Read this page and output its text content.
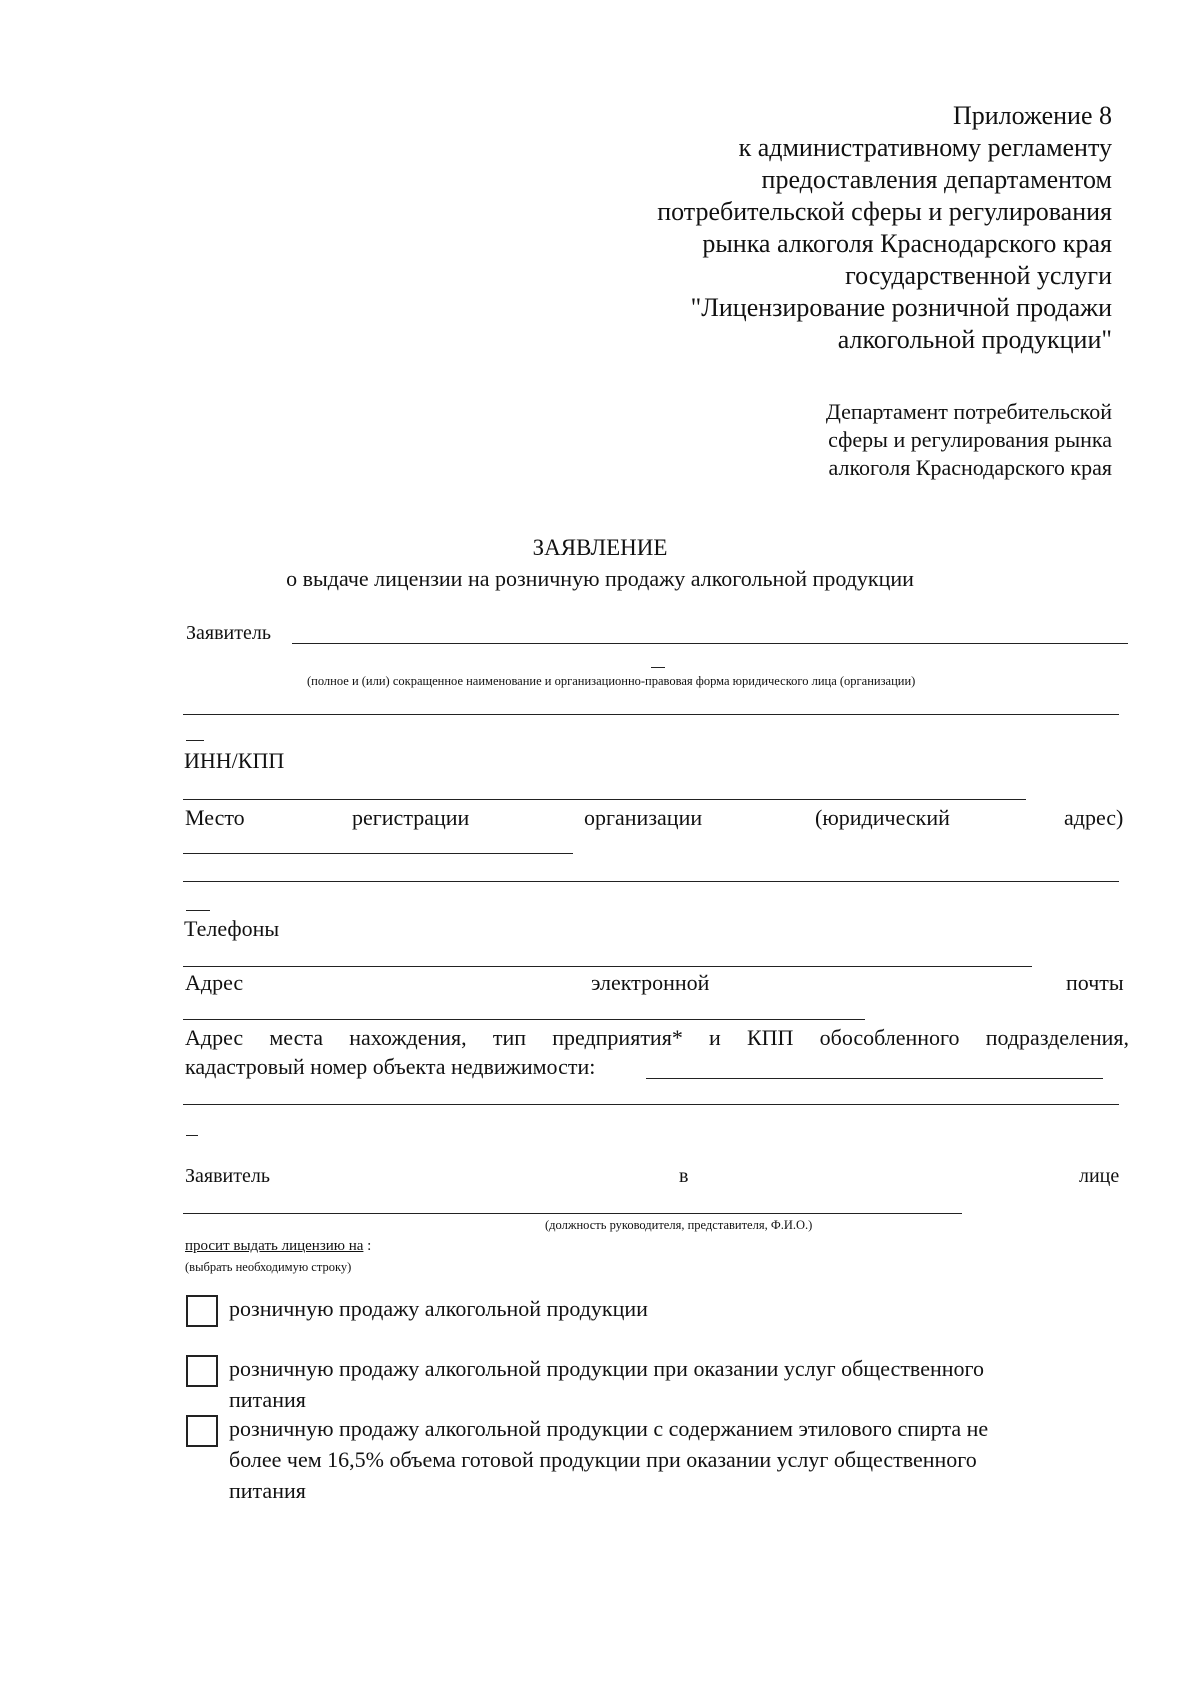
Приложение 8
к административному регламенту
предоставления департаментом
потребительской сферы и регулирования
рынка алкоголя Краснодарского края
государственной услуги
"Лицензирование розничной продажи
алкогольной продукции"
Департамент потребительской
сферы и регулирования рынка
алкоголя Краснодарского края
ЗАЯВЛЕНИЕ
о выдаче лицензии на розничную продажу алкогольной продукции
Заявитель
(полное и (или) сокращенное наименование и организационно-правовая форма юридического лица (организации)
ИНН/КПП
Место	регистрации	организации	(юридический	адрес)
Телефоны
Адрес	электронной	почты
Адрес места нахождения, тип предприятия* и КПП обособленного подразделения,
кадастровый номер объекта недвижимости:
Заявитель	в	лице
(должность руководителя, представителя, Ф.И.О.)
просит выдать лицензию на :
(выбрать необходимую строку)
розничную продажу алкогольной продукции
розничную продажу алкогольной продукции при оказании услуг общественного
питания
розничную продажу алкогольной продукции с содержанием этилового спирта не
более чем 16,5% объема готовой продукции при оказании услуг общественного
питания
